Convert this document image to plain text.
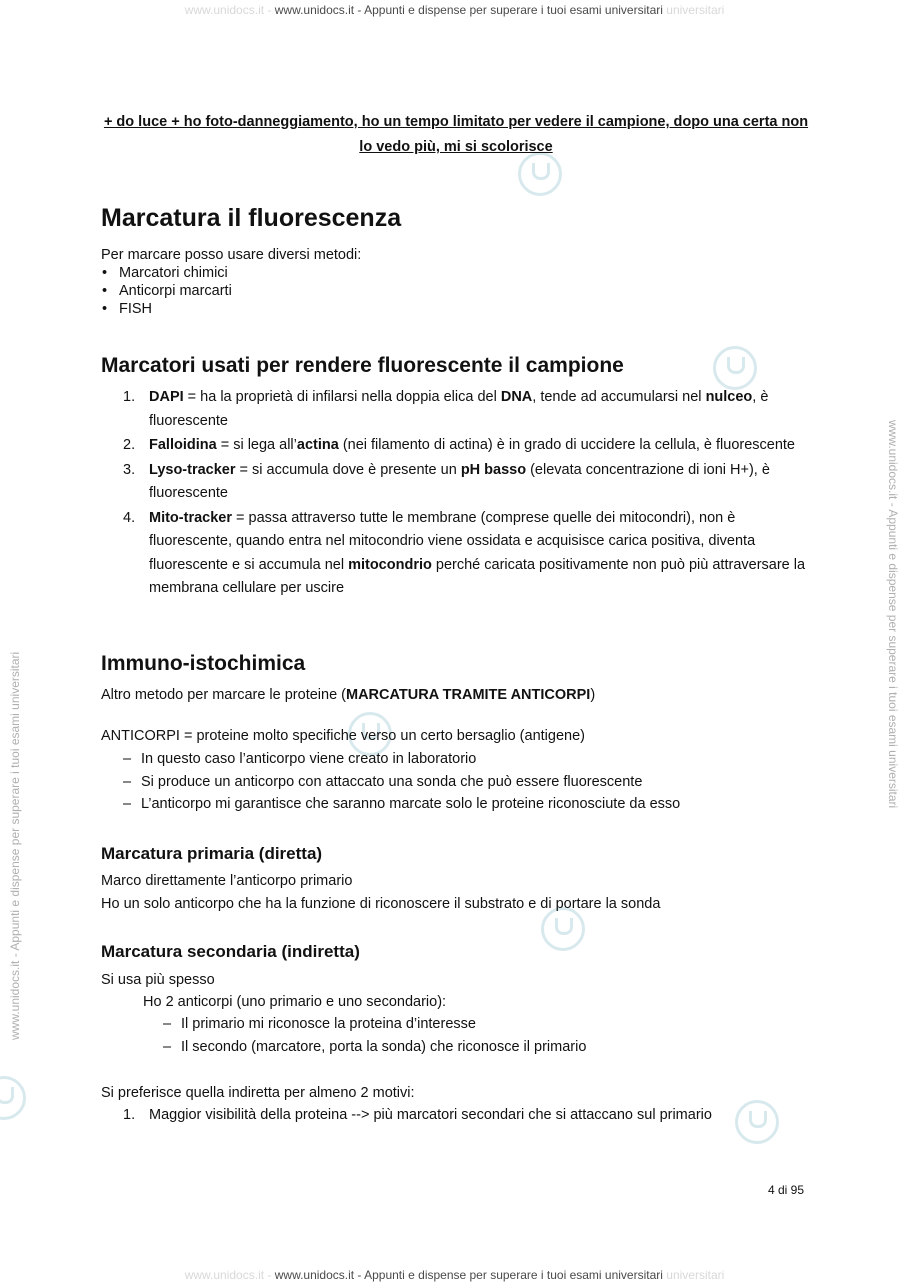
www.unidocs.it - www.unidocs.it - Appunti e dispense per superare i tuoi esami universitari universitari
www.unidocs.it - Appunti e dispense per superare i tuoi esami universitari
www.unidocs.it - Appunti e dispense per superare i tuoi esami universitari
+ do luce + ho foto-danneggiamento, ho un tempo limitato per vedere il campione, dopo una certa non lo vedo più, mi si scolorisce
Marcatura il fluorescenza
Per marcare posso usare diversi metodi:
• Marcatori chimici
• Anticorpi marcarti
• FISH
Marcatori usati per rendere fluorescente il campione
1. DAPI = ha la proprietà di infilarsi nella doppia elica del DNA, tende ad accumularsi nel nulceo, è fluorescente
2. Falloidina = si lega all’actina (nei filamento di actina) è in grado di uccidere la cellula, è fluorescente
3. Lyso-tracker = si accumula dove è presente un pH basso (elevata concentrazione di ioni H+), è fluorescente
4. Mito-tracker = passa attraverso tutte le membrane (comprese quelle dei mitocondri), non è fluorescente, quando entra nel mitocondrio viene ossidata e acquisisce carica positiva, diventa fluorescente e si accumula nel mitocondrio perché caricata positivamente non può più attraversare la membrana cellulare per uscire
Immuno-istochimica
Altro metodo per marcare le proteine (MARCATURA TRAMITE ANTICORPI)
ANTICORPI = proteine molto specifiche verso un certo bersaglio (antigene)
– In questo caso l’anticorpo viene creato in laboratorio
– Si produce un anticorpo con attaccato una sonda che può essere fluorescente
– L’anticorpo mi garantisce che saranno marcate solo le proteine riconosciute da esso
Marcatura primaria (diretta)
Marco direttamente l’anticorpo primario
Ho un solo anticorpo che ha la funzione di riconoscere il substrato e di portare la sonda
Marcatura secondaria (indiretta)
Si usa più spesso
Ho 2 anticorpi (uno primario e uno secondario):
– Il primario mi riconosce la proteina d’interesse
– Il secondo (marcatore, porta la sonda) che riconosce il primario
Si preferisce quella indiretta per almeno 2 motivi:
1. Maggior visibilità della proteina --> più marcatori secondari che si attaccano sul primario
4 di 95
www.unidocs.it - www.unidocs.it - Appunti e dispense per superare i tuoi esami universitari universitari
